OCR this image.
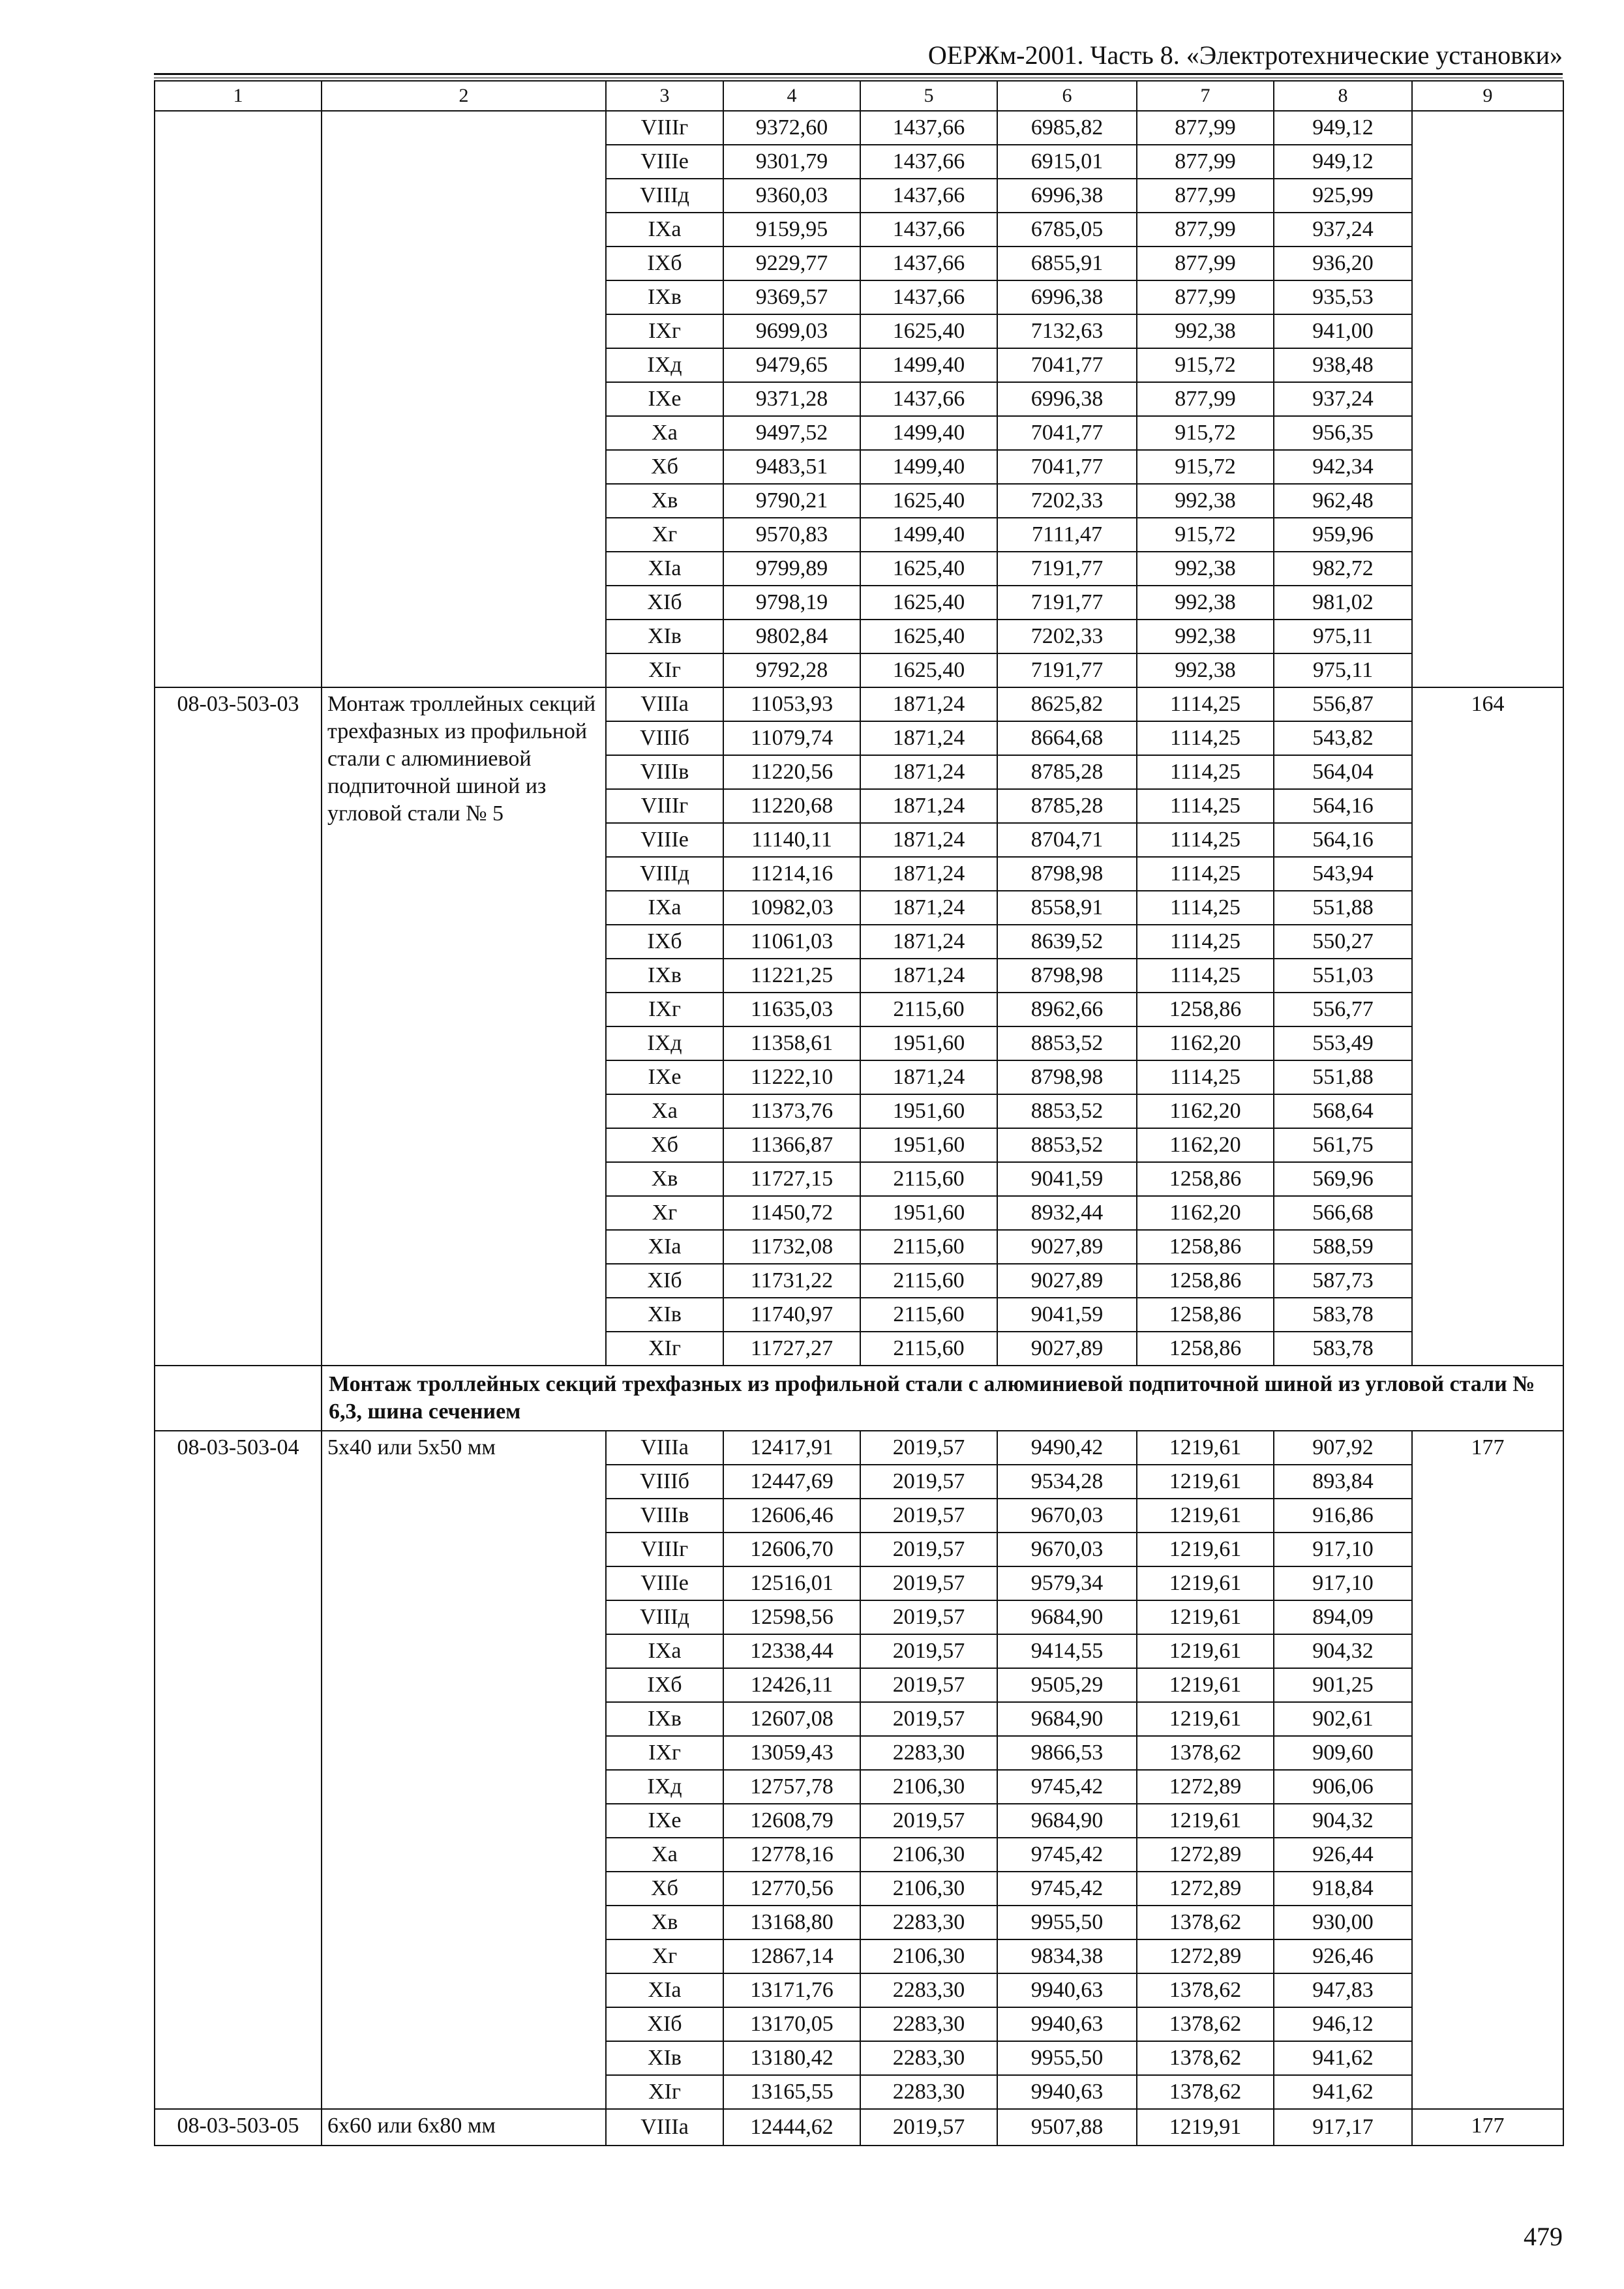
ОЕРЖм-2001. Часть 8. «Электротехнические установки»
1	2	3	4	5	6	7	8	9
		VIIIг	9372,60	1437,66	6985,82	877,99	949,12	
		VIIIе	9301,79	1437,66	6915,01	877,99	949,12	
		VIIIд	9360,03	1437,66	6996,38	877,99	925,99	
		IXа	9159,95	1437,66	6785,05	877,99	937,24	
		IXб	9229,77	1437,66	6855,91	877,99	936,20	
		IXв	9369,57	1437,66	6996,38	877,99	935,53	
		IXг	9699,03	1625,40	7132,63	992,38	941,00	
		IXд	9479,65	1499,40	7041,77	915,72	938,48	
		IXе	9371,28	1437,66	6996,38	877,99	937,24	
		Xа	9497,52	1499,40	7041,77	915,72	956,35	
		Xб	9483,51	1499,40	7041,77	915,72	942,34	
		Xв	9790,21	1625,40	7202,33	992,38	962,48	
		Xг	9570,83	1499,40	7111,47	915,72	959,96	
		XIа	9799,89	1625,40	7191,77	992,38	982,72	
		XIб	9798,19	1625,40	7191,77	992,38	981,02	
		XIв	9802,84	1625,40	7202,33	992,38	975,11	
		XIг	9792,28	1625,40	7191,77	992,38	975,11	
08-03-503-03	Монтаж троллейных секций трехфазных из профильной стали с алюминиевой подпиточной шиной из угловой стали № 5	VIIIа	11053,93	1871,24	8625,82	1114,25	556,87	164
		VIIIб	11079,74	1871,24	8664,68	1114,25	543,82	
		VIIIв	11220,56	1871,24	8785,28	1114,25	564,04	
		VIIIг	11220,68	1871,24	8785,28	1114,25	564,16	
		VIIIе	11140,11	1871,24	8704,71	1114,25	564,16	
		VIIIд	11214,16	1871,24	8798,98	1114,25	543,94	
		IXа	10982,03	1871,24	8558,91	1114,25	551,88	
		IXб	11061,03	1871,24	8639,52	1114,25	550,27	
		IXв	11221,25	1871,24	8798,98	1114,25	551,03	
		IXг	11635,03	2115,60	8962,66	1258,86	556,77	
		IXд	11358,61	1951,60	8853,52	1162,20	553,49	
		IXе	11222,10	1871,24	8798,98	1114,25	551,88	
		Xа	11373,76	1951,60	8853,52	1162,20	568,64	
		Xб	11366,87	1951,60	8853,52	1162,20	561,75	
		Xв	11727,15	2115,60	9041,59	1258,86	569,96	
		Xг	11450,72	1951,60	8932,44	1162,20	566,68	
		XIа	11732,08	2115,60	9027,89	1258,86	588,59	
		XIб	11731,22	2115,60	9027,89	1258,86	587,73	
		XIв	11740,97	2115,60	9041,59	1258,86	583,78	
		XIг	11727,27	2115,60	9027,89	1258,86	583,78	
	Монтаж троллейных секций трехфазных из профильной стали с алюминиевой подпиточной шиной из угловой стали № 6,3, шина сечением							
08-03-503-04	5x40 или 5x50 мм	VIIIа	12417,91	2019,57	9490,42	1219,61	907,92	177
		VIIIб	12447,69	2019,57	9534,28	1219,61	893,84	
		VIIIв	12606,46	2019,57	9670,03	1219,61	916,86	
		VIIIг	12606,70	2019,57	9670,03	1219,61	917,10	
		VIIIе	12516,01	2019,57	9579,34	1219,61	917,10	
		VIIIд	12598,56	2019,57	9684,90	1219,61	894,09	
		IXа	12338,44	2019,57	9414,55	1219,61	904,32	
		IXб	12426,11	2019,57	9505,29	1219,61	901,25	
		IXв	12607,08	2019,57	9684,90	1219,61	902,61	
		IXг	13059,43	2283,30	9866,53	1378,62	909,60	
		IXд	12757,78	2106,30	9745,42	1272,89	906,06	
		IXе	12608,79	2019,57	9684,90	1219,61	904,32	
		Xа	12778,16	2106,30	9745,42	1272,89	926,44	
		Xб	12770,56	2106,30	9745,42	1272,89	918,84	
		Xв	13168,80	2283,30	9955,50	1378,62	930,00	
		Xг	12867,14	2106,30	9834,38	1272,89	926,46	
		XIа	13171,76	2283,30	9940,63	1378,62	947,83	
		XIб	13170,05	2283,30	9940,63	1378,62	946,12	
		XIв	13180,42	2283,30	9955,50	1378,62	941,62	
		XIг	13165,55	2283,30	9940,63	1378,62	941,62	
08-03-503-05	6x60 или 6x80 мм	VIIIа	12444,62	2019,57	9507,88	1219,91	917,17	177
479
